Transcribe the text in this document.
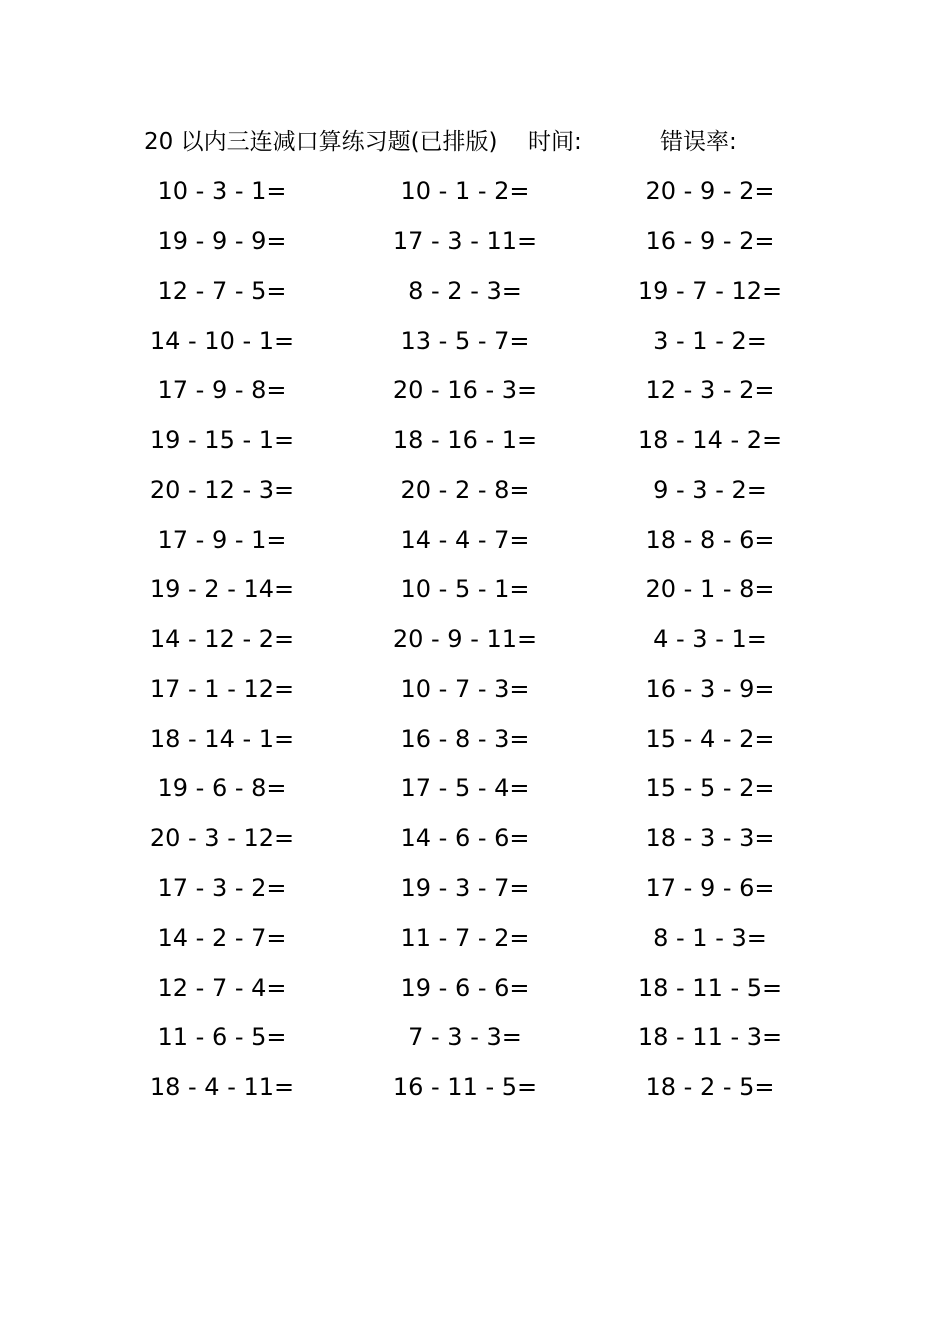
20 以内三连减口算练习题(已排版) 时间:	错误率:
10 - 3 - 1=	10 - 1 - 2=	20 - 9 - 2=
19 - 9 - 9=	17 - 3 - 11=	16 - 9 - 2=
12 - 7 - 5=	8 - 2 - 3=	19 - 7 - 12=
14 - 10 - 1=	13 - 5 - 7=	3 - 1 - 2=
17 - 9 - 8=	20 - 16 - 3=	12 - 3 - 2=
19 - 15 - 1=	18 - 16 - 1=	18 - 14 - 2=
20 - 12 - 3=	20 - 2 - 8=	9 - 3 - 2=
17 - 9 - 1=	14 - 4 - 7=	18 - 8 - 6=
19 - 2 - 14=	10 - 5 - 1=	20 - 1 - 8=
14 - 12 - 2=	20 - 9 - 11=	4 - 3 - 1=
17 - 1 - 12=	10 - 7 - 3=	16 - 3 - 9=
18 - 14 - 1=	16 - 8 - 3=	15 - 4 - 2=
19 - 6 - 8=	17 - 5 - 4=	15 - 5 - 2=
20 - 3 - 12=	14 - 6 - 6=	18 - 3 - 3=
17 - 3 - 2=	19 - 3 - 7=	17 - 9 - 6=
14 - 2 - 7=	11 - 7 - 2=	8 - 1 - 3=
12 - 7 - 4=	19 - 6 - 6=	18 - 11 - 5=
11 - 6 - 5=	7 - 3 - 3=	18 - 11 - 3=
18 - 4 - 11=	16 - 11 - 5=	18 - 2 - 5=
